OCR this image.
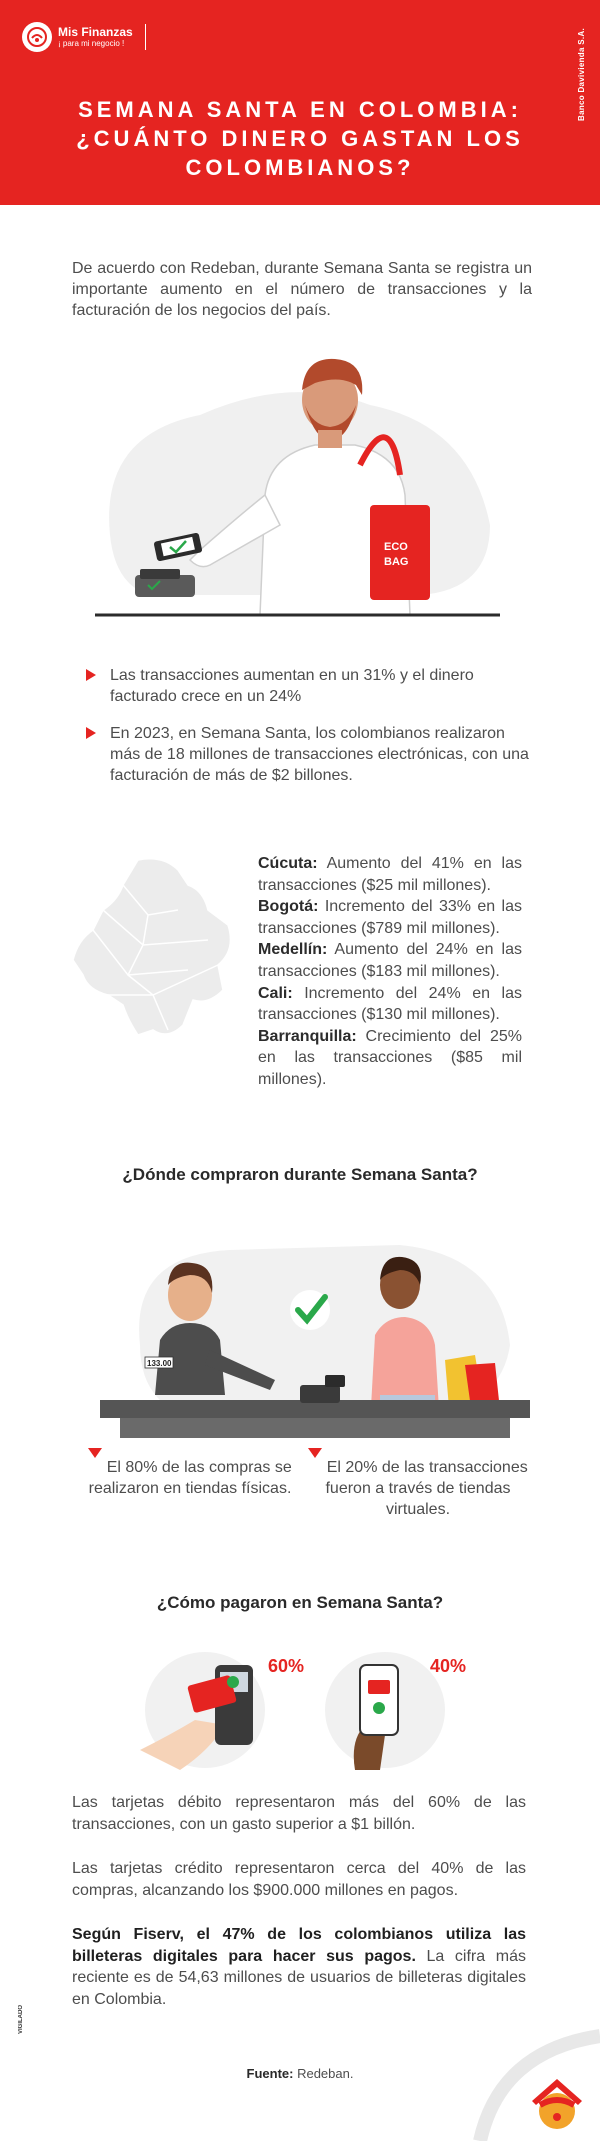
Mis Finanzas
¡ para mi negocio !	Banco Davivienda S.A.
SEMANA SANTA EN COLOMBIA: ¿CUÁNTO DINERO GASTAN LOS COLOMBIANOS?

De acuerdo con Redeban, durante Semana Santa se registra un importante aumento en el número de transacciones y la facturación de los negocios del país.

ECO
BAG
Las transacciones aumentan en un 31% y el dinero facturado crece en un 24%
En 2023, en Semana Santa, los colombianos realizaron más de 18 millones de transacciones electrónicas, con una facturación de más de $2 billones.
Cúcuta: Aumento del 41% en las transacciones ($25 mil millones).
Bogotá: Incremento del 33% en las transacciones ($789 mil millones).
Medellín: Aumento del 24% en las transacciones ($183 mil millones).
Cali: Incremento del 24% en las transacciones ($130 mil millones).
Barranquilla: Crecimiento del 25% en las transacciones ($85 mil millones).
¿Dónde compraron durante Semana Santa?
133.00
El 80% de las compras se realizaron en tiendas físicas.
El 20% de las transacciones fueron a través de tiendas virtuales.
¿Cómo pagaron en Semana Santa?
60%	40%

Las tarjetas débito representaron más del 60% de las transacciones, con un gasto superior a $1 billón.

Las tarjetas crédito representaron cerca del 40% de las compras, alcanzando los $900.000 millones en pagos.

Según Fiserv, el 47% de los colombianos utiliza las billeteras digitales para hacer sus pagos. La cifra más reciente es de 54,63 millones de usuarios de billeteras digitales en Colombia.

Fuente: Redeban.
VIGILADO
